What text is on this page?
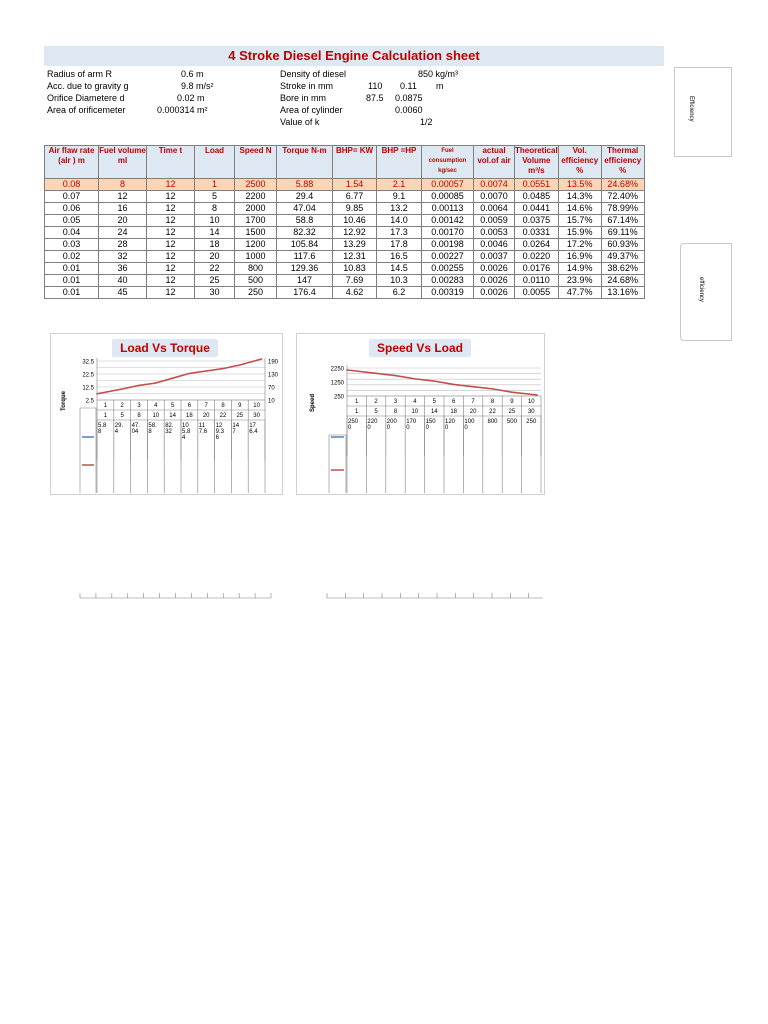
4 Stroke Diesel Engine Calculation sheet
Radius of arm R	0.6 m
Acc. due to gravity g	9.8 m/s²
Orifice Diametere d	0.02 m
Area of orificemeter	0.000314 m²
Density of diesel	850 kg/m³
Stroke in mm	110 0.11 m
Bore in mm	87.5 0.0875
Area of cylinder	0.0060
Value of k	1/2
Efficiency
efficiency
Air flaw rate (alr ) m	Fuel volume ml	Time t	Load	Speed N	Torque N-m	BHP= KW	BHP =HP	Fuel consumption kg/sec	actual vol.of air	Theoretical Volume m³/s	Vol. efficiency %	Thermal efficiency %
0.08	8	12	1	2500	5.88	1.54	2.1	0.00057	0.0074	0.0551	13.5%	24.68%
0.07	12	12	5	2200	29.4	6.77	9.1	0.00085	0.0070	0.0485	14.3%	72.40%
0.06	16	12	8	2000	47.04	9.85	13.2	0.00113	0.0064	0.0441	14.6%	78.99%
0.05	20	12	10	1700	58.8	10.46	14.0	0.00142	0.0059	0.0375	15.7%	67.14%
0.04	24	12	14	1500	82.32	12.92	17.3	0.00170	0.0053	0.0331	15.9%	69.11%
0.03	28	12	18	1200	105.84	13.29	17.8	0.00198	0.0046	0.0264	17.2%	60.93%
0.02	32	12	20	1000	117.6	12.31	16.5	0.00227	0.0037	0.0220	16.9%	49.37%
0.01	36	12	22	800	129.36	10.83	14.5	0.00255	0.0026	0.0176	14.9%	38.62%
0.01	40	12	25	500	147	7.69	10.3	0.00283	0.0026	0.0110	23.9%	24.68%
0.01	45	12	30	250	176.4	4.62	6.2	0.00319	0.0026	0.0055	47.7%	13.16%
Load Vs Torque
32.5
22.5
12.5
2.5
190
130
70
10
Torque	1 2 3 4 5 6 7 8 9 10
1 5 8 10 14 18 20 22 25 30
5.8
8
29.
4
47.
04
58.
8
82.
32
10
5.8
4
11
7.6
12
9.3
6
14
7
17
6.4
Speed Vs Load
2250
1250
250
Speed	1	2	3	4	5	6	7	8	9 10
1	5	8 10 14 18 20 22 25 30
250
0
220
0
200
0
170
0
150
0
120
0
100
0
800 500 250
